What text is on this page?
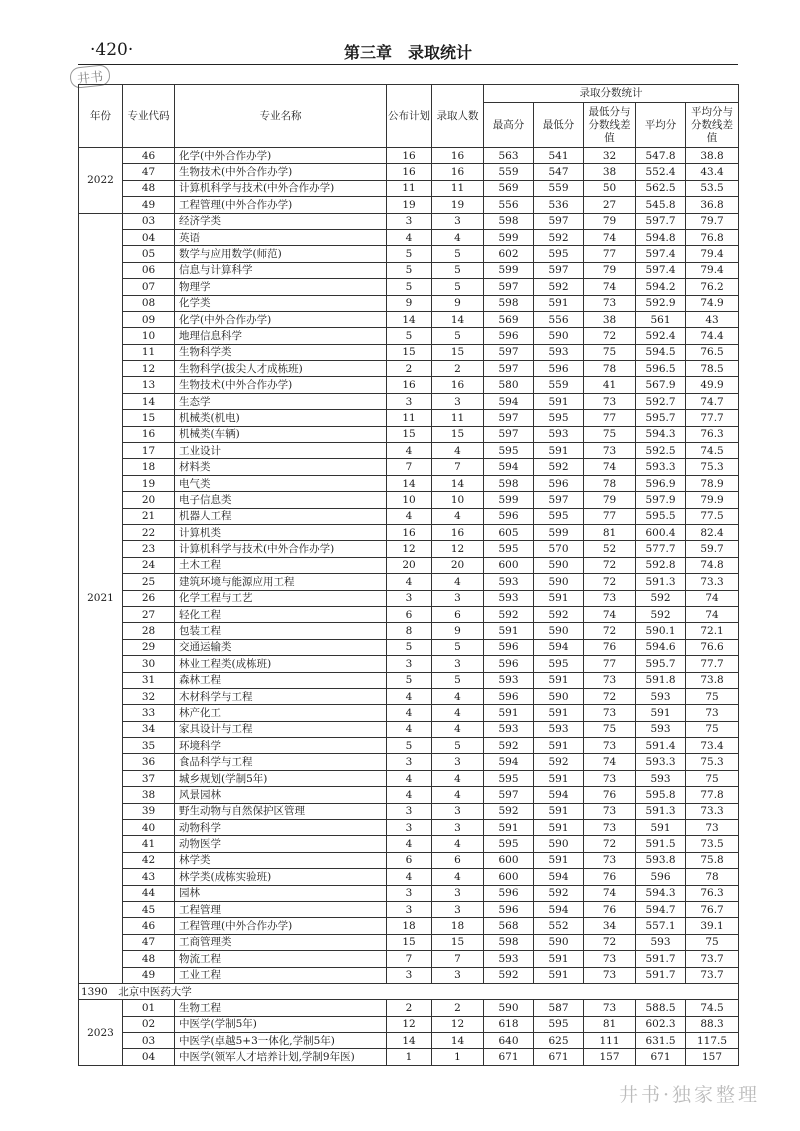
·420·	第三章　录取统计
井书
年份	专业代码	专业名称	公布计划	录取人数	录取分数统计				
					最高分	最低分	最低分与分数线差值	平均分	平均分与分数线差值
2022	46	化学(中外合作办学)	16	16	563	541	32	547.8	38.8
	47	生物技术(中外合作办学)	16	16	559	547	38	552.4	43.4
	48	计算机科学与技术(中外合作办学)	11	11	569	559	50	562.5	53.5
	49	工程管理(中外合作办学)	19	19	556	536	27	545.8	36.8
2021	03	经济学类	3	3	598	597	79	597.7	79.7
	04	英语	4	4	599	592	74	594.8	76.8
	05	数学与应用数学(师范)	5	5	602	595	77	597.4	79.4
	06	信息与计算科学	5	5	599	597	79	597.4	79.4
	07	物理学	5	5	597	592	74	594.2	76.2
	08	化学类	9	9	598	591	73	592.9	74.9
	09	化学(中外合作办学)	14	14	569	556	38	561	43
	10	地理信息科学	5	5	596	590	72	592.4	74.4
	11	生物科学类	15	15	597	593	75	594.5	76.5
	12	生物科学(拔尖人才成栋班)	2	2	597	596	78	596.5	78.5
	13	生物技术(中外合作办学)	16	16	580	559	41	567.9	49.9
	14	生态学	3	3	594	591	73	592.7	74.7
	15	机械类(机电)	11	11	597	595	77	595.7	77.7
	16	机械类(车辆)	15	15	597	593	75	594.3	76.3
	17	工业设计	4	4	595	591	73	592.5	74.5
	18	材料类	7	7	594	592	74	593.3	75.3
	19	电气类	14	14	598	596	78	596.9	78.9
	20	电子信息类	10	10	599	597	79	597.9	79.9
	21	机器人工程	4	4	596	595	77	595.5	77.5
	22	计算机类	16	16	605	599	81	600.4	82.4
	23	计算机科学与技术(中外合作办学)	12	12	595	570	52	577.7	59.7
	24	土木工程	20	20	600	590	72	592.8	74.8
	25	建筑环境与能源应用工程	4	4	593	590	72	591.3	73.3
	26	化学工程与工艺	3	3	593	591	73	592	74
	27	轻化工程	6	6	592	592	74	592	74
	28	包装工程	8	9	591	590	72	590.1	72.1
	29	交通运输类	5	5	596	594	76	594.6	76.6
	30	林业工程类(成栋班)	3	3	596	595	77	595.7	77.7
	31	森林工程	5	5	593	591	73	591.8	73.8
	32	木材科学与工程	4	4	596	590	72	593	75
	33	林产化工	4	4	591	591	73	591	73
	34	家具设计与工程	4	4	593	593	75	593	75
	35	环境科学	5	5	592	591	73	591.4	73.4
	36	食品科学与工程	3	3	594	592	74	593.3	75.3
	37	城乡规划(学制5年)	4	4	595	591	73	593	75
	38	风景园林	4	4	597	594	76	595.8	77.8
	39	野生动物与自然保护区管理	3	3	592	591	73	591.3	73.3
	40	动物科学	3	3	591	591	73	591	73
	41	动物医学	4	4	595	590	72	591.5	73.5
	42	林学类	6	6	600	591	73	593.8	75.8
	43	林学类(成栋实验班)	4	4	600	594	76	596	78
	44	园林	3	3	596	592	74	594.3	76.3
	45	工程管理	3	3	596	594	76	594.7	76.7
	46	工程管理(中外合作办学)	18	18	568	552	34	557.1	39.1
	47	工商管理类	15	15	598	590	72	593	75
	48	物流工程	7	7	593	591	73	591.7	73.7
	49	工业工程	3	3	592	591	73	591.7	73.7
1390　北京中医药大学									
2023	01	生物工程	2	2	590	587	73	588.5	74.5
	02	中医学(学制5年)	12	12	618	595	81	602.3	88.3
	03	中医学(卓越5+3一体化,学制5年)	14	14	640	625	111	631.5	117.5
	04	中医学(领军人才培养计划,学制9年医)	1	1	671	671	157	671	157
井书·独家整理
